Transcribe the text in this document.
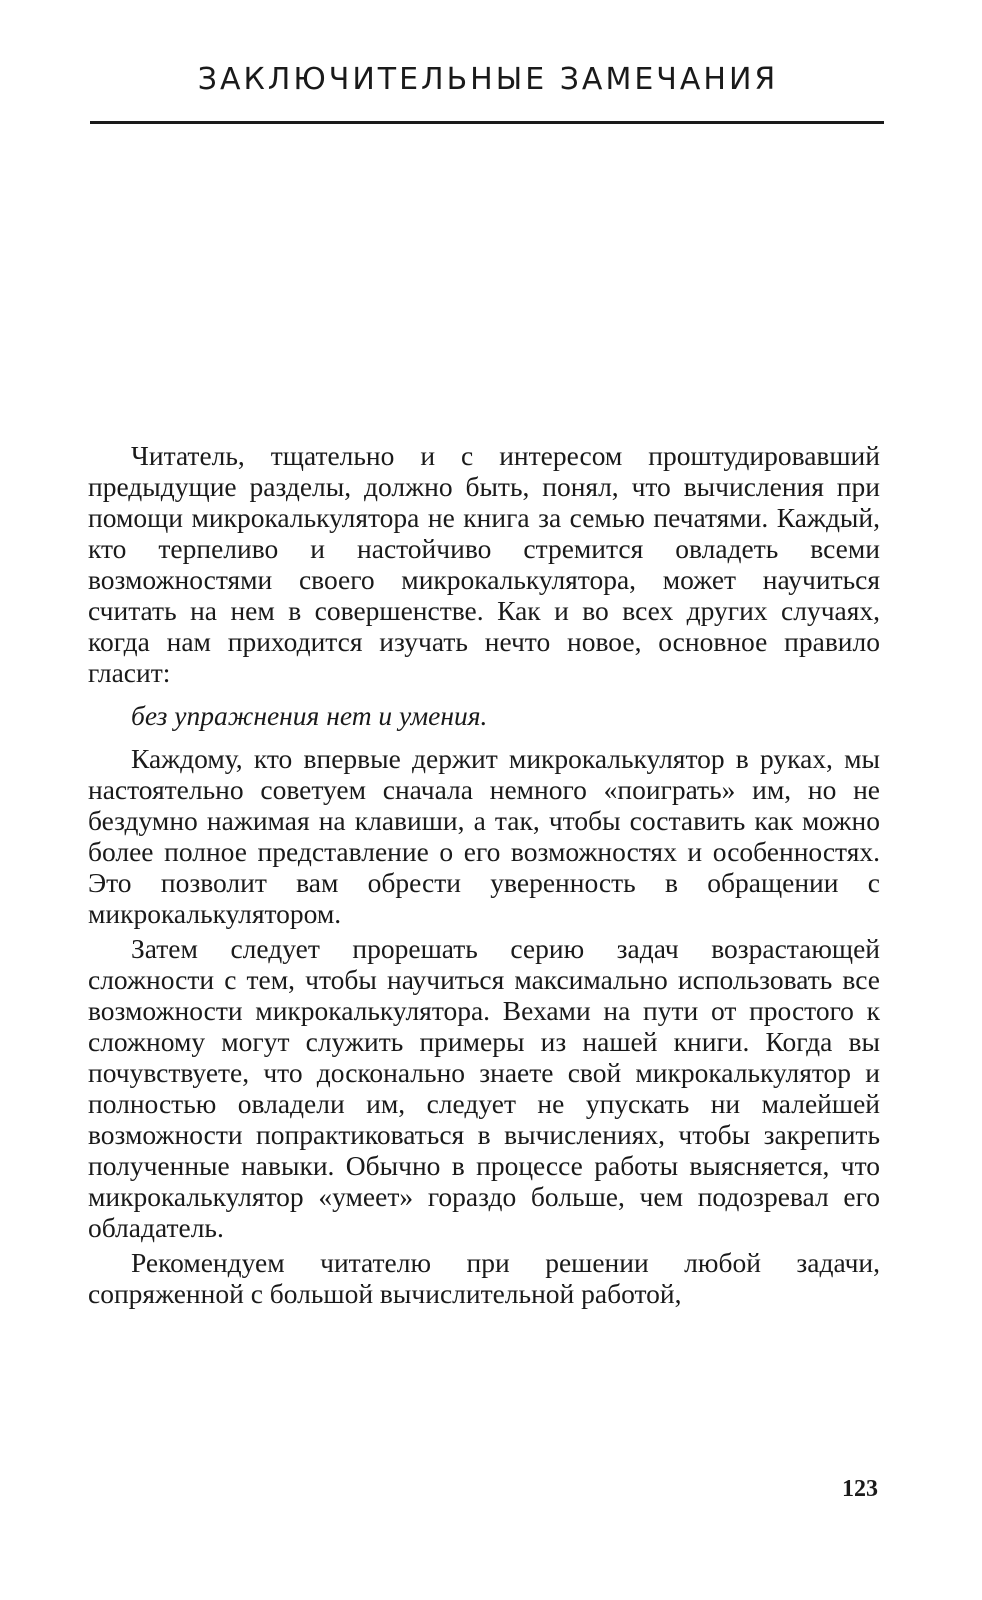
ЗАКЛЮЧИТЕЛЬНЫЕ ЗАМЕЧАНИЯ

Читатель, тщательно и с интересом проштудировавший предыдущие разделы, должно быть, понял, что вычисления при помощи микрокалькулятора не книга за семью печатями. Каждый, кто терпеливо и настойчиво стремится овладеть всеми возможностями своего микрокалькулятора, может научиться считать на нем в совершенстве. Как и во всех других случаях, когда нам приходится изучать нечто новое, основное правило гласит:

без упражнения нет и умения.

Каждому, кто впервые держит микрокалькулятор в руках, мы настоятельно советуем сначала немного «поиграть» им, но не бездумно нажимая на клавиши, а так, чтобы составить как можно более полное представление о его возможностях и особенностях. Это позволит вам обрести уверенность в обращении с микрокалькулятором.

Затем следует прорешать серию задач возрастающей сложности с тем, чтобы научиться максимально использовать все возможности микрокалькулятора. Вехами на пути от простого к сложному могут служить примеры из нашей книги. Когда вы почувствуете, что досконально знаете свой микрокалькулятор и полностью овладели им, следует не упускать ни малейшей возможности попрактиковаться в вычислениях, чтобы закрепить полученные навыки. Обычно в процессе работы выясняется, что микрокалькулятор «умеет» гораздо больше, чем подозревал его обладатель.

Рекомендуем читателю при решении любой задачи, сопряженной с большой вычислительной работой,

123
